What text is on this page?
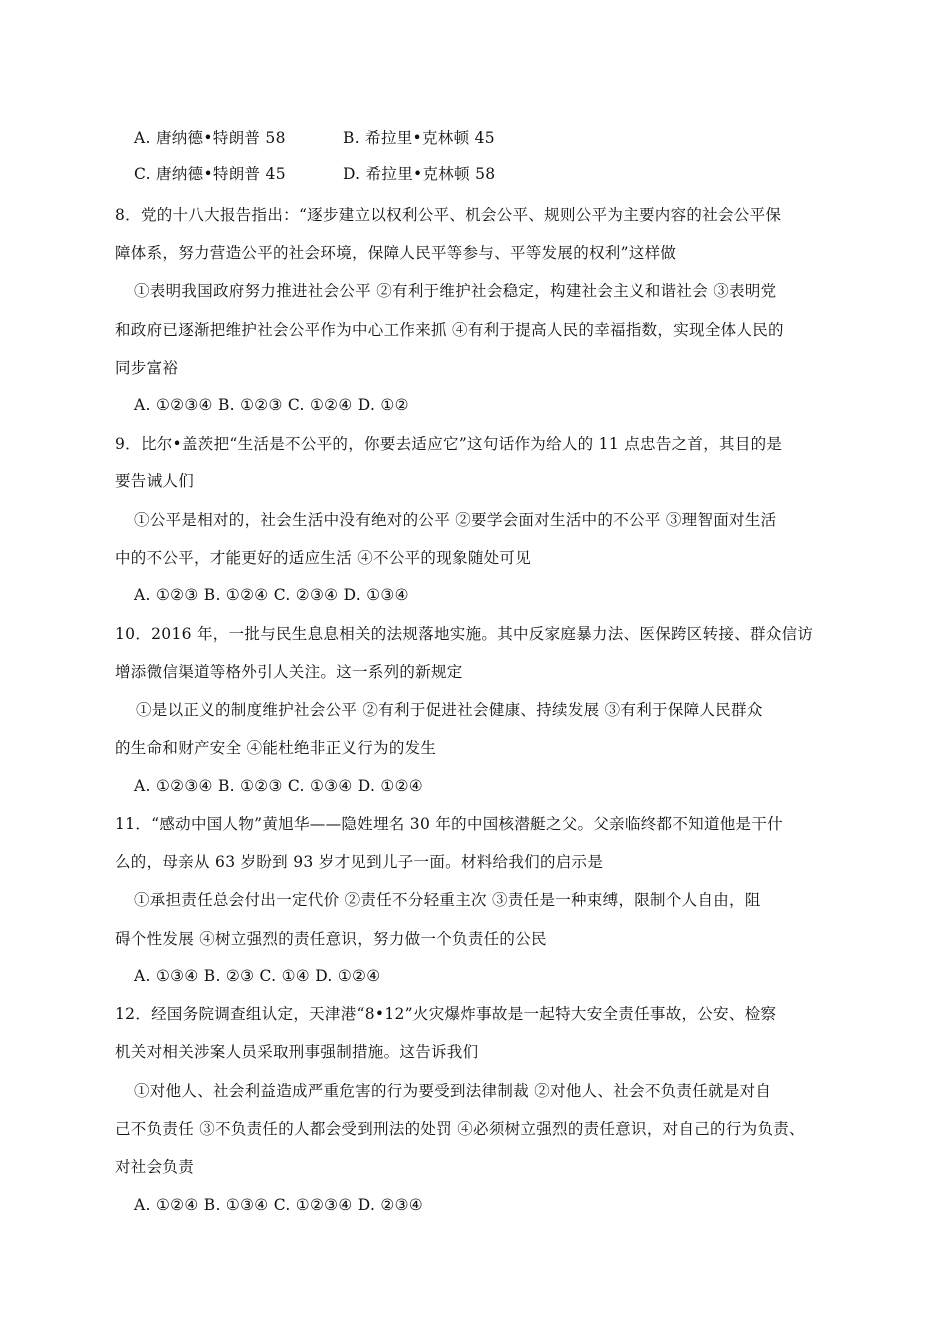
A. 唐纳德•特朗普 58	B. 希拉里•克林顿 45
C. 唐纳德•特朗普 45	D. 希拉里•克林顿 58
8．党的十八大报告指出：“逐步建立以权利公平、机会公平、规则公平为主要内容的社会公平保
障体系，努力营造公平的社会环境，保障人民平等参与、平等发展的权利”这样做
①表明我国政府努力推进社会公平 ②有利于维护社会稳定，构建社会主义和谐社会 ③表明党
和政府已逐渐把维护社会公平作为中心工作来抓 ④有利于提高人民的幸福指数，实现全体人民的
同步富裕
A. ①②③④ B. ①②③ C. ①②④ D. ①②
9．比尔•盖茨把“生活是不公平的，你要去适应它”这句话作为给人的 11 点忠告之首，其目的是
要告诫人们
①公平是相对的，社会生活中没有绝对的公平 ②要学会面对生活中的不公平 ③理智面对生活
中的不公平，才能更好的适应生活 ④不公平的现象随处可见
A. ①②③ B. ①②④ C. ②③④ D. ①③④
10．2016 年，一批与民生息息相关的法规落地实施。其中反家庭暴力法、医保跨区转接、群众信访
增添微信渠道等格外引人关注。这一系列的新规定
①是以正义的制度维护社会公平 ②有利于促进社会健康、持续发展 ③有利于保障人民群众
的生命和财产安全 ④能杜绝非正义行为的发生
A. ①②③④ B. ①②③ C. ①③④ D. ①②④
11．“感动中国人物”黄旭华——隐姓埋名 30 年的中国核潜艇之父。父亲临终都不知道他是干什
么的，母亲从 63 岁盼到 93 岁才见到儿子一面。材料给我们的启示是
①承担责任总会付出一定代价 ②责任不分轻重主次 ③责任是一种束缚，限制个人自由，阻
碍个性发展 ④树立强烈的责任意识，努力做一个负责任的公民
A. ①③④ B. ②③ C. ①④ D. ①②④
12．经国务院调查组认定，天津港“8•12”火灾爆炸事故是一起特大安全责任事故，公安、检察
机关对相关涉案人员采取刑事强制措施。这告诉我们
①对他人、社会利益造成严重危害的行为要受到法律制裁 ②对他人、社会不负责任就是对自
己不负责任 ③不负责任的人都会受到刑法的处罚 ④必须树立强烈的责任意识，对自己的行为负责、
对社会负责
A. ①②④ B. ①③④ C. ①②③④ D. ②③④
